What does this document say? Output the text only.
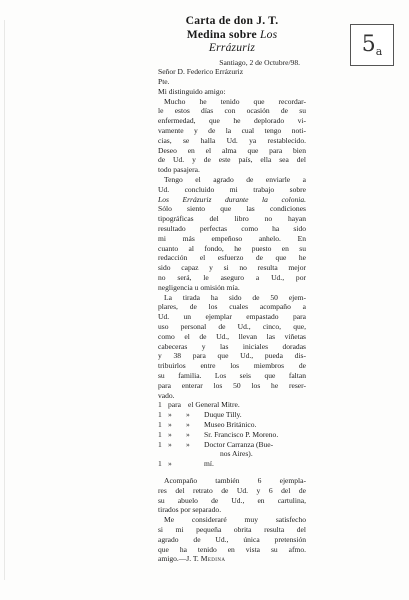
$5_a$
Carta de don J. T.
Medina sobre Los
Errázuriz
Santiago, 2 de Octubre/98.
Señor D. Federico Errázuriz
Pte.
Mi distinguido amigo:
Mucho he tenido que recordar-
le estos días con ocasión de su
enfermedad, que he deplorado vi-
vamente y de la cual tengo noti-
cias, se halla Ud. ya restablecido.
Deseo en el alma que para bien
de Ud. y de este país, ella sea del
todo pasajera.
Tengo el agrado de enviarle a
Ud. concluido mi trabajo sobre
Los Errázuriz durante la colonia.
Sólo siento que las condiciones
tipográficas del libro no hayan
resultado perfectas como ha sido
mi más empeñoso anhelo. En
cuanto al fondo, he puesto en su
redacción el esfuerzo de que he
sido capaz y si no resulta mejor
no será, le aseguro a Ud., por
negligencia u omisión mía.
La tirada ha sido de 50 ejem-
plares, de los cuales acompaño a
Ud. un ejemplar empastado para
uso personal de Ud., cinco, que,
como el de Ud., llevan las viñetas
cabeceras y las iniciales doradas
y 38 para que Ud., pueda dis-
tribuirlos entre los miembros de
su familia. Los seis que faltan
para enterar los 50 los he reser-
vado.
1 para el General Mitre.
1 »	»	Duque Tilly.
1 »	»	Museo Británico.
1 »	»	Sr. Francisco P. Moreno.
1 »	»	Doctor Carranza (Bue-
nos Aires).
1 »	mí.
Acompaño también 6 ejempla-
res del retrato de Ud. y 6 del de
su abuelo de Ud., en cartulina,
tirados por separado.
Me consideraré muy satisfecho
si mi pequeña obrita resulta del
agrado de Ud., única pretensión
que ha tenido en vista su afmo.
amigo.—J. T. Medina
